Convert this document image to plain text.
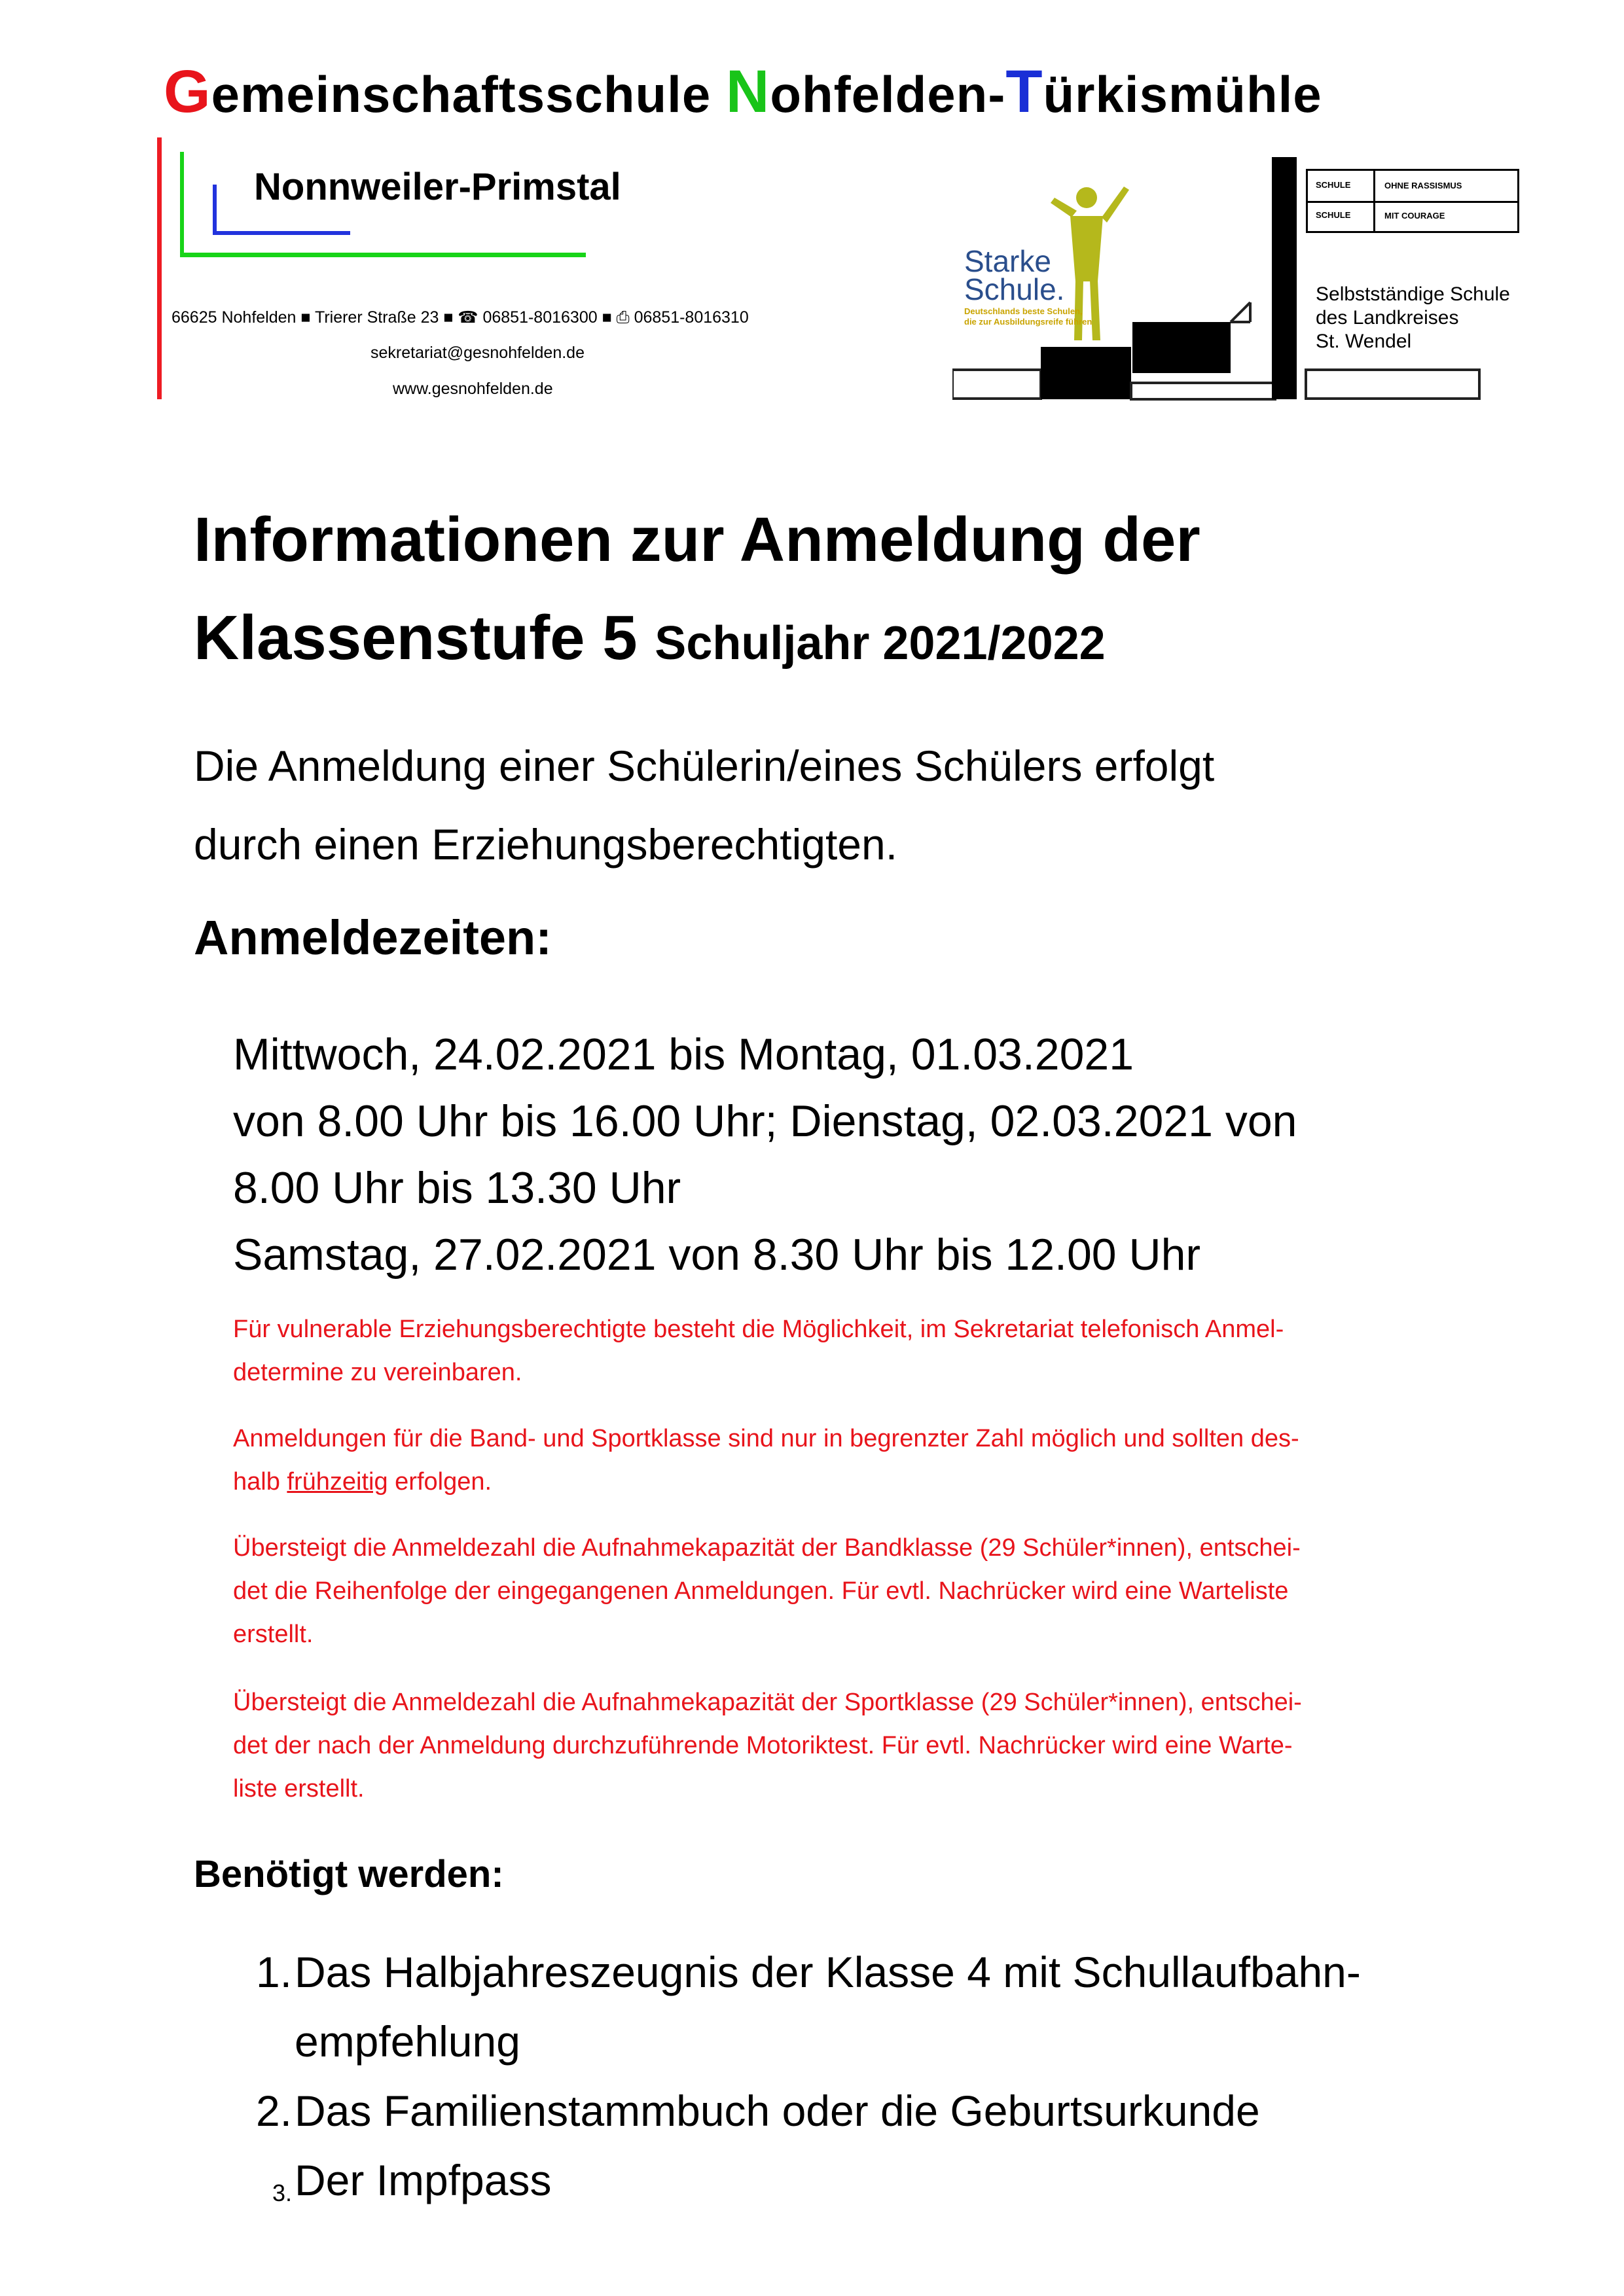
Gemeinschaftsschule Nohfelden-Türkismühle
Nonnweiler-Primstal
66625 Nohfelden ■ Trierer Straße 23 ■ ☎ 06851-8016300 ■ ⎙ 06851-8016310
sekretariat@gesnohfelden.de
www.gesnohfelden.de
Starke
Schule.
Deutschlands beste Schulen,
die zur Ausbildungsreife führen
SCHULE	OHNE RASSISMUS
SCHULE	MIT COURAGE
Selbstständige Schule
des Landkreises
St. Wendel
Informationen zur Anmeldung der
Klassenstufe 5 Schuljahr 2021/2022
Die Anmeldung einer Schülerin/eines Schülers erfolgt
durch einen Erziehungsberechtigten.
Anmeldezeiten:
Mittwoch, 24.02.2021 bis Montag, 01.03.2021
von 8.00 Uhr bis 16.00 Uhr; Dienstag, 02.03.2021 von
8.00 Uhr bis 13.30 Uhr
Samstag, 27.02.2021 von 8.30 Uhr bis 12.00 Uhr
Für vulnerable Erziehungsberechtigte besteht die Möglichkeit, im Sekretariat telefonisch Anmel-
determine zu vereinbaren.
Anmeldungen für die Band- und Sportklasse sind nur in begrenzter Zahl möglich und sollten des-
halb frühzeitig erfolgen.
Übersteigt die Anmeldezahl die Aufnahmekapazität der Bandklasse (29 Schüler*innen), entschei-
det die Reihenfolge der eingegangenen Anmeldungen. Für evtl. Nachrücker wird eine Warteliste
erstellt.
Übersteigt die Anmeldezahl die Aufnahmekapazität der Sportklasse (29 Schüler*innen), entschei-
det der nach der Anmeldung durchzuführende Motoriktest. Für evtl. Nachrücker wird eine Warte-
liste erstellt.
Benötigt werden:
1. Das Halbjahreszeugnis der Klasse 4 mit Schullaufbahn-
empfehlung
2. Das Familienstammbuch oder die Geburtsurkunde
3. Der Impfpass
